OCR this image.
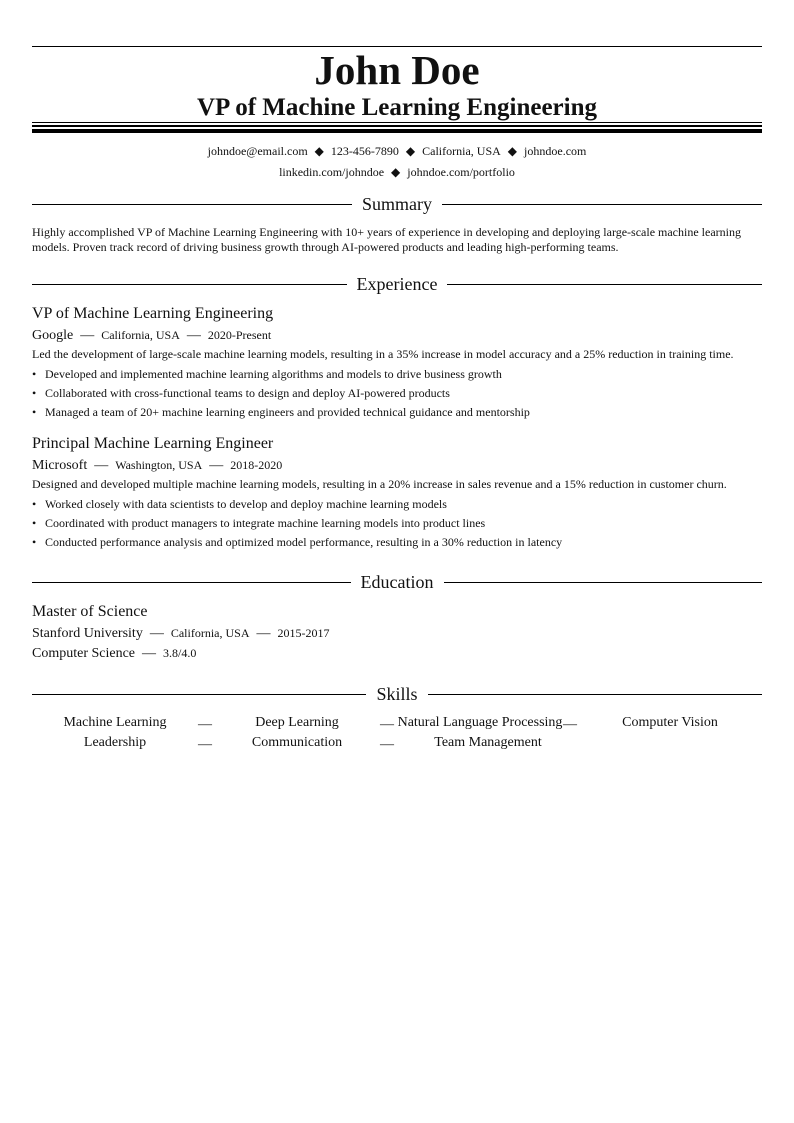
John Doe
VP of Machine Learning Engineering
johndoe@email.com ◆ 123-456-7890 ◆ California, USA ◆ johndoe.com
linkedin.com/johndoe ◆ johndoe.com/portfolio
Summary
Highly accomplished VP of Machine Learning Engineering with 10+ years of experience in developing and deploying large-scale machine learning models. Proven track record of driving business growth through AI-powered products and leading high-performing teams.
Experience
VP of Machine Learning Engineering
Google — California, USA — 2020-Present
Led the development of large-scale machine learning models, resulting in a 35% increase in model accuracy and a 25% reduction in training time.
• Developed and implemented machine learning algorithms and models to drive business growth
• Collaborated with cross-functional teams to design and deploy AI-powered products
• Managed a team of 20+ machine learning engineers and provided technical guidance and mentorship
Principal Machine Learning Engineer
Microsoft — Washington, USA — 2018-2020
Designed and developed multiple machine learning models, resulting in a 20% increase in sales revenue and a 15% reduction in customer churn.
• Worked closely with data scientists to develop and deploy machine learning models
• Coordinated with product managers to integrate machine learning models into product lines
• Conducted performance analysis and optimized model performance, resulting in a 30% reduction in latency
Education
Master of Science
Stanford University — California, USA — 2015-2017
Computer Science — 3.8/4.0
Skills
Machine Learning	—	Deep Learning	— Natural Language Processing —	Computer Vision
Leadership	—	Communication	—	Team Management
